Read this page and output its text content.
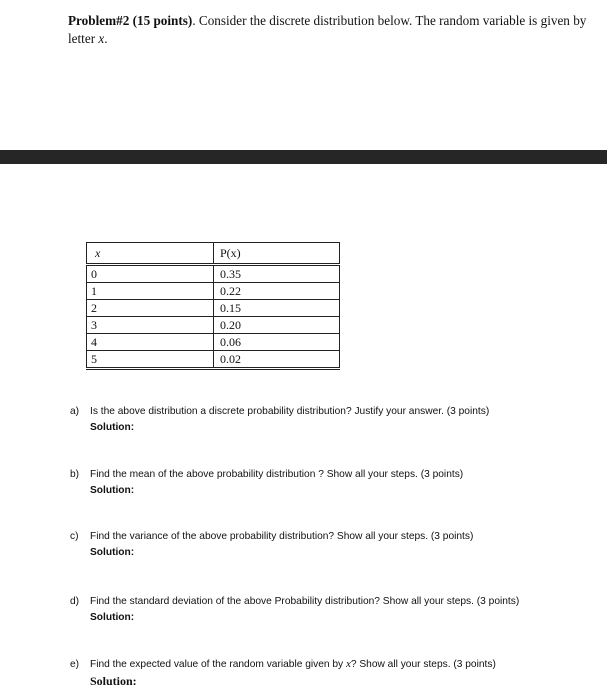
Problem#2 (15 points). Consider the discrete distribution below. The random variable is given by letter x.
x	P(x)
0	0.35
1	0.22
2	0.15
3	0.20
4	0.06
5	0.02
a) Is the above distribution a discrete probability distribution? Justify your answer. (3 points)
Solution:
b) Find the mean of the above probability distribution ? Show all your steps. (3 points)
Solution:
c) Find the variance of the above probability distribution? Show all your steps. (3 points)
Solution:
d) Find the standard deviation of the above Probability distribution? Show all your steps. (3 points)
Solution:
e) Find the expected value of the random variable given by x? Show all your steps. (3 points)
Solution:
